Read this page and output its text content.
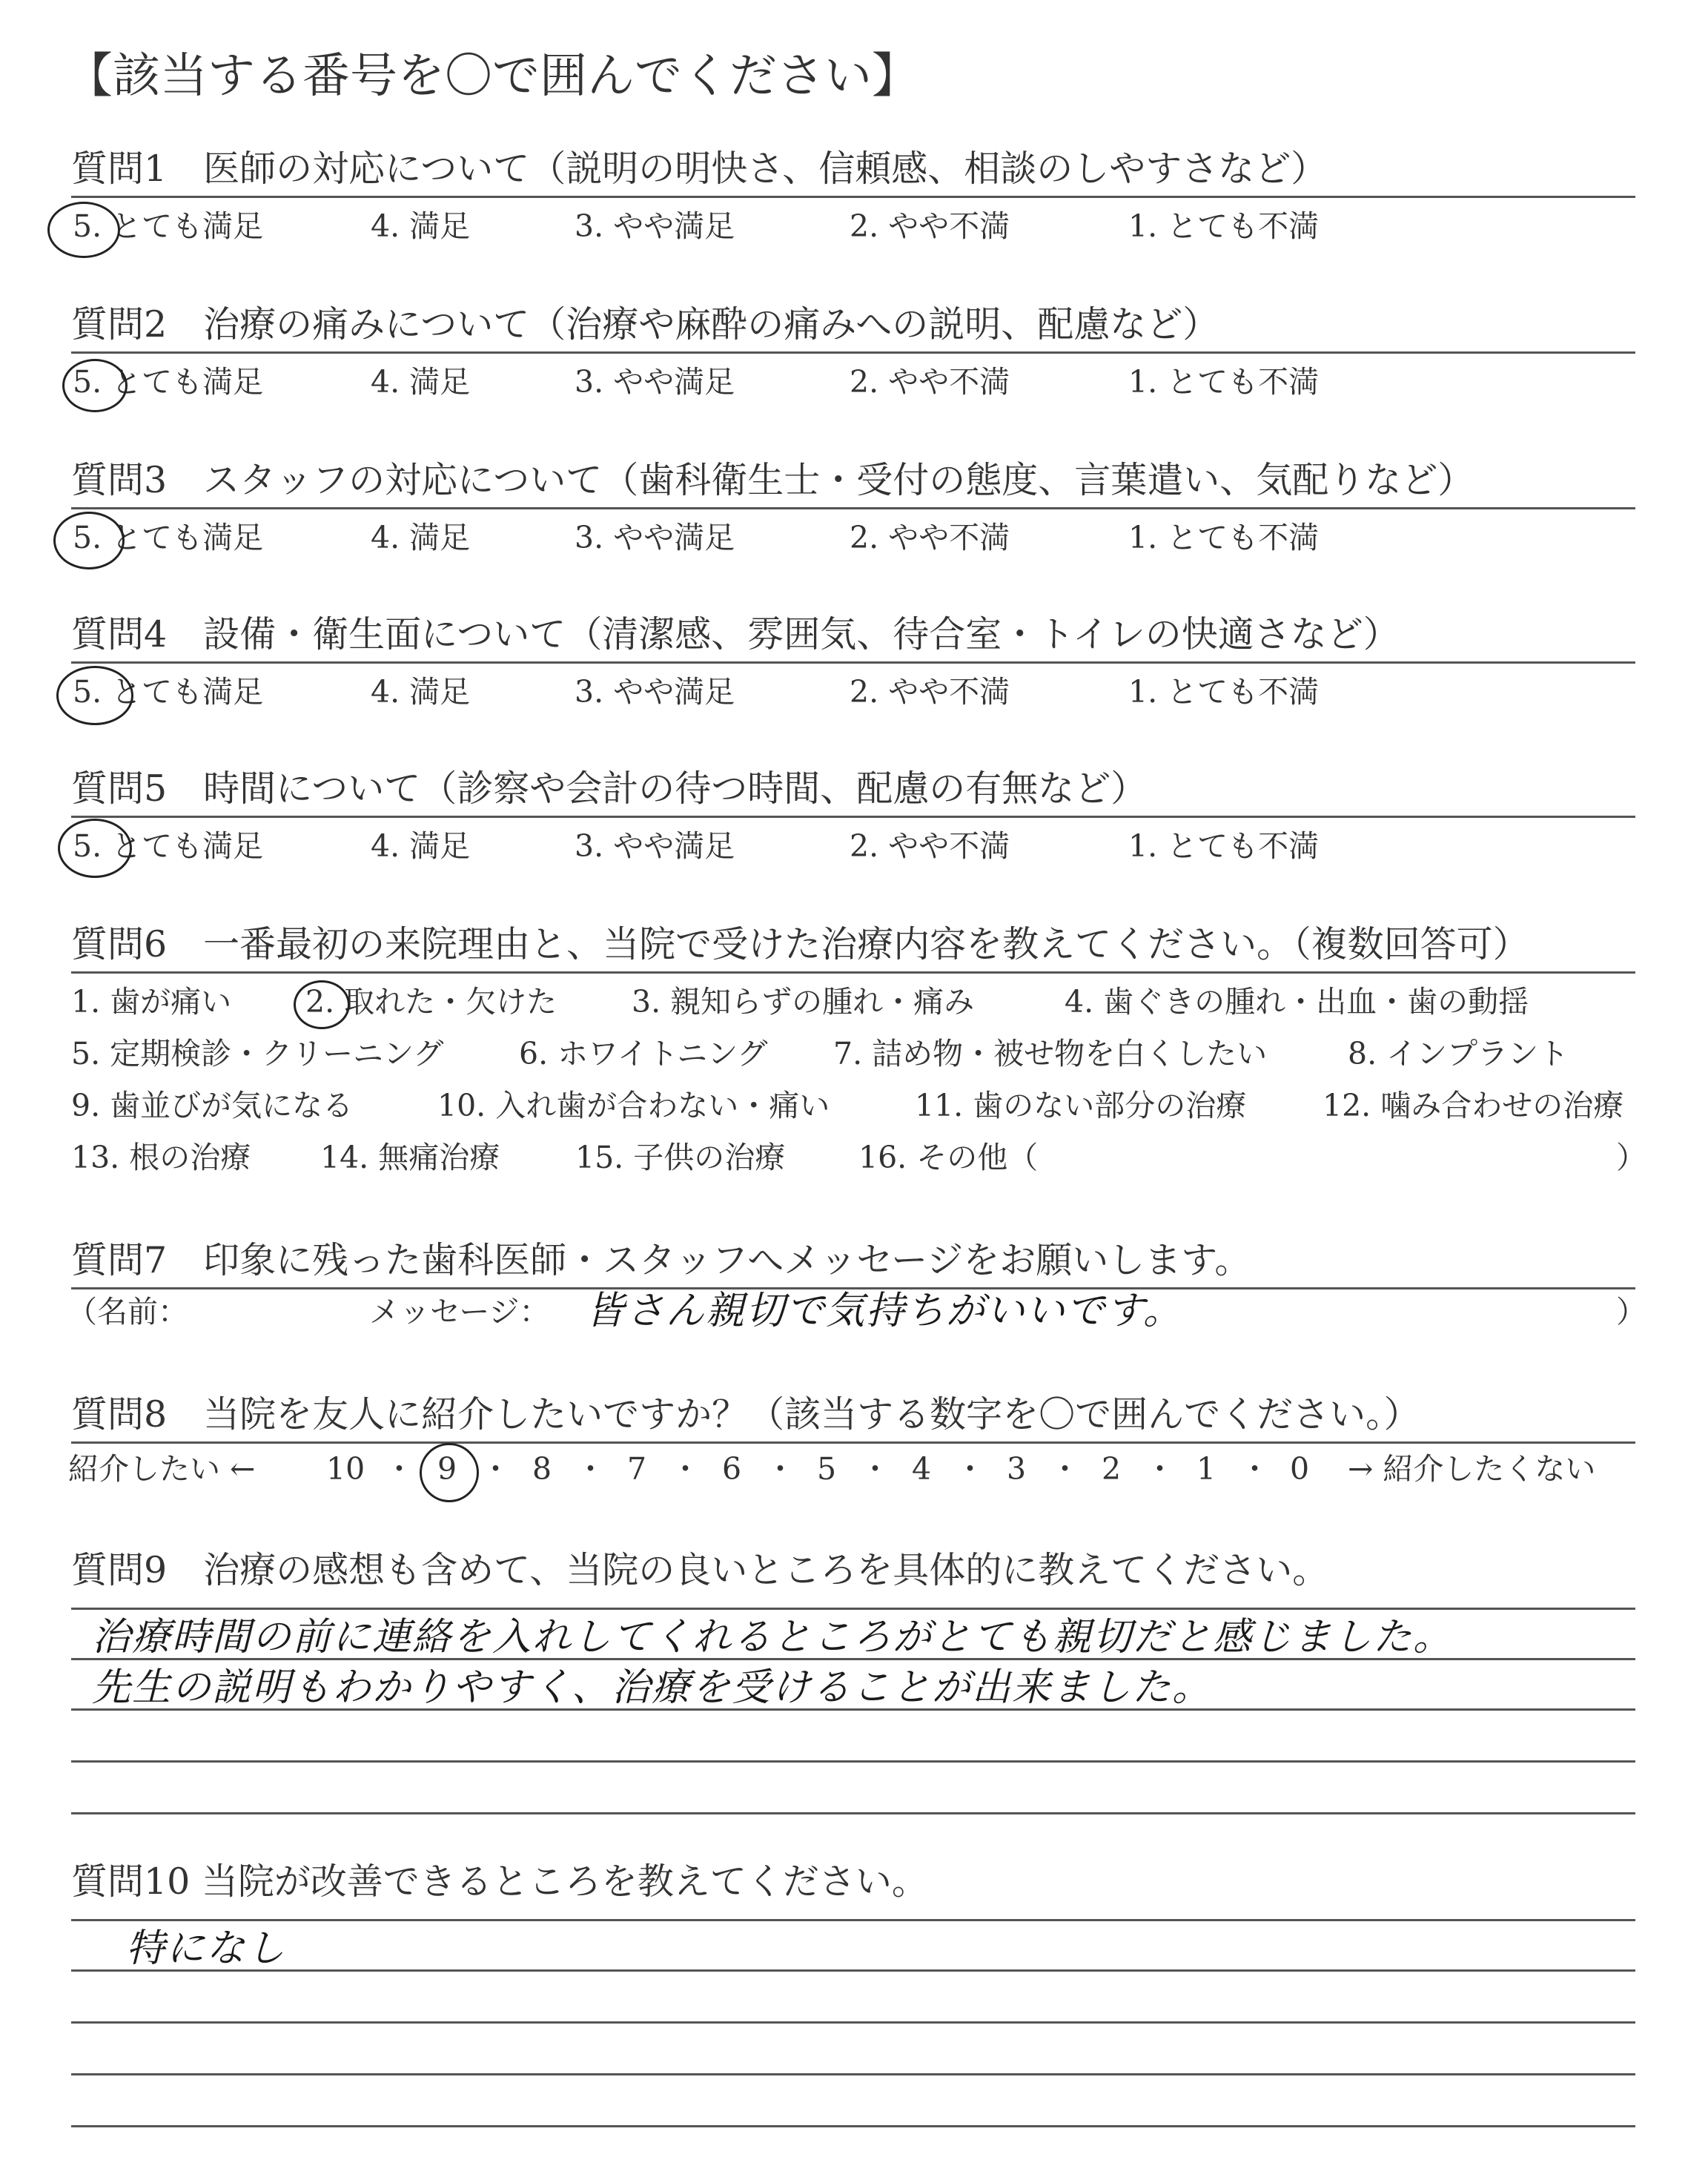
【該当する番号を〇で囲んでください】
質問1　医師の対応について（説明の明快さ、信頼感、相談のしやすさなど）
5. とても満足	4. 満足	3. やや満足	2. やや不満	1. とても不満
質問2　治療の痛みについて（治療や麻酔の痛みへの説明、配慮など）
5. とても満足	4. 満足	3. やや満足	2. やや不満	1. とても不満
質問3　スタッフの対応について（歯科衛生士・受付の態度、言葉遣い、気配りなど）
5. とても満足	4. 満足	3. やや満足	2. やや不満	1. とても不満
質問4　設備・衛生面について（清潔感、雰囲気、待合室・トイレの快適さなど）
5. とても満足	4. 満足	3. やや満足	2. やや不満	1. とても不満
質問5　時間について（診察や会計の待つ時間、配慮の有無など）
5. とても満足	4. 満足	3. やや満足	2. やや不満	1. とても不満
質問6　一番最初の来院理由と、当院で受けた治療内容を教えてください。（複数回答可）
1. 歯が痛い 2. 取れた・欠けた 3. 親知らずの腫れ・痛み	4. 歯ぐきの腫れ・出血・歯の動揺
5. 定期検診・クリーニング 6. ホワイトニング 7. 詰め物・被せ物を白くしたい	8. インプラント
9. 歯並びが気になる	10. 入れ歯が合わない・痛い	11. 歯のない部分の治療	12. 噛み合わせの治療
13. 根の治療 14. 無痛治療 15. 子供の治療 16. その他（	）
質問7　印象に残った歯科医師・スタッフへメッセージをお願いします。
（名前：	メッセージ： 皆さん親切で気持ちがいいです。	）
質問8　当院を友人に紹介したいですか？（該当する数字を〇で囲んでください。）
紹介したい ← 10 ・ 9 ・ 8 ・ 7 ・ 6 ・ 5 ・ 4 ・ 3 ・ 2 ・ 1 ・ 0 → 紹介したくない
質問9　治療の感想も含めて、当院の良いところを具体的に教えてください。
治療時間の前に連絡を入れしてくれるところがとても親切だと感じました。
先生の説明もわかりやすく、治療を受けることが出来ました。
質問10 当院が改善できるところを教えてください。
特になし
